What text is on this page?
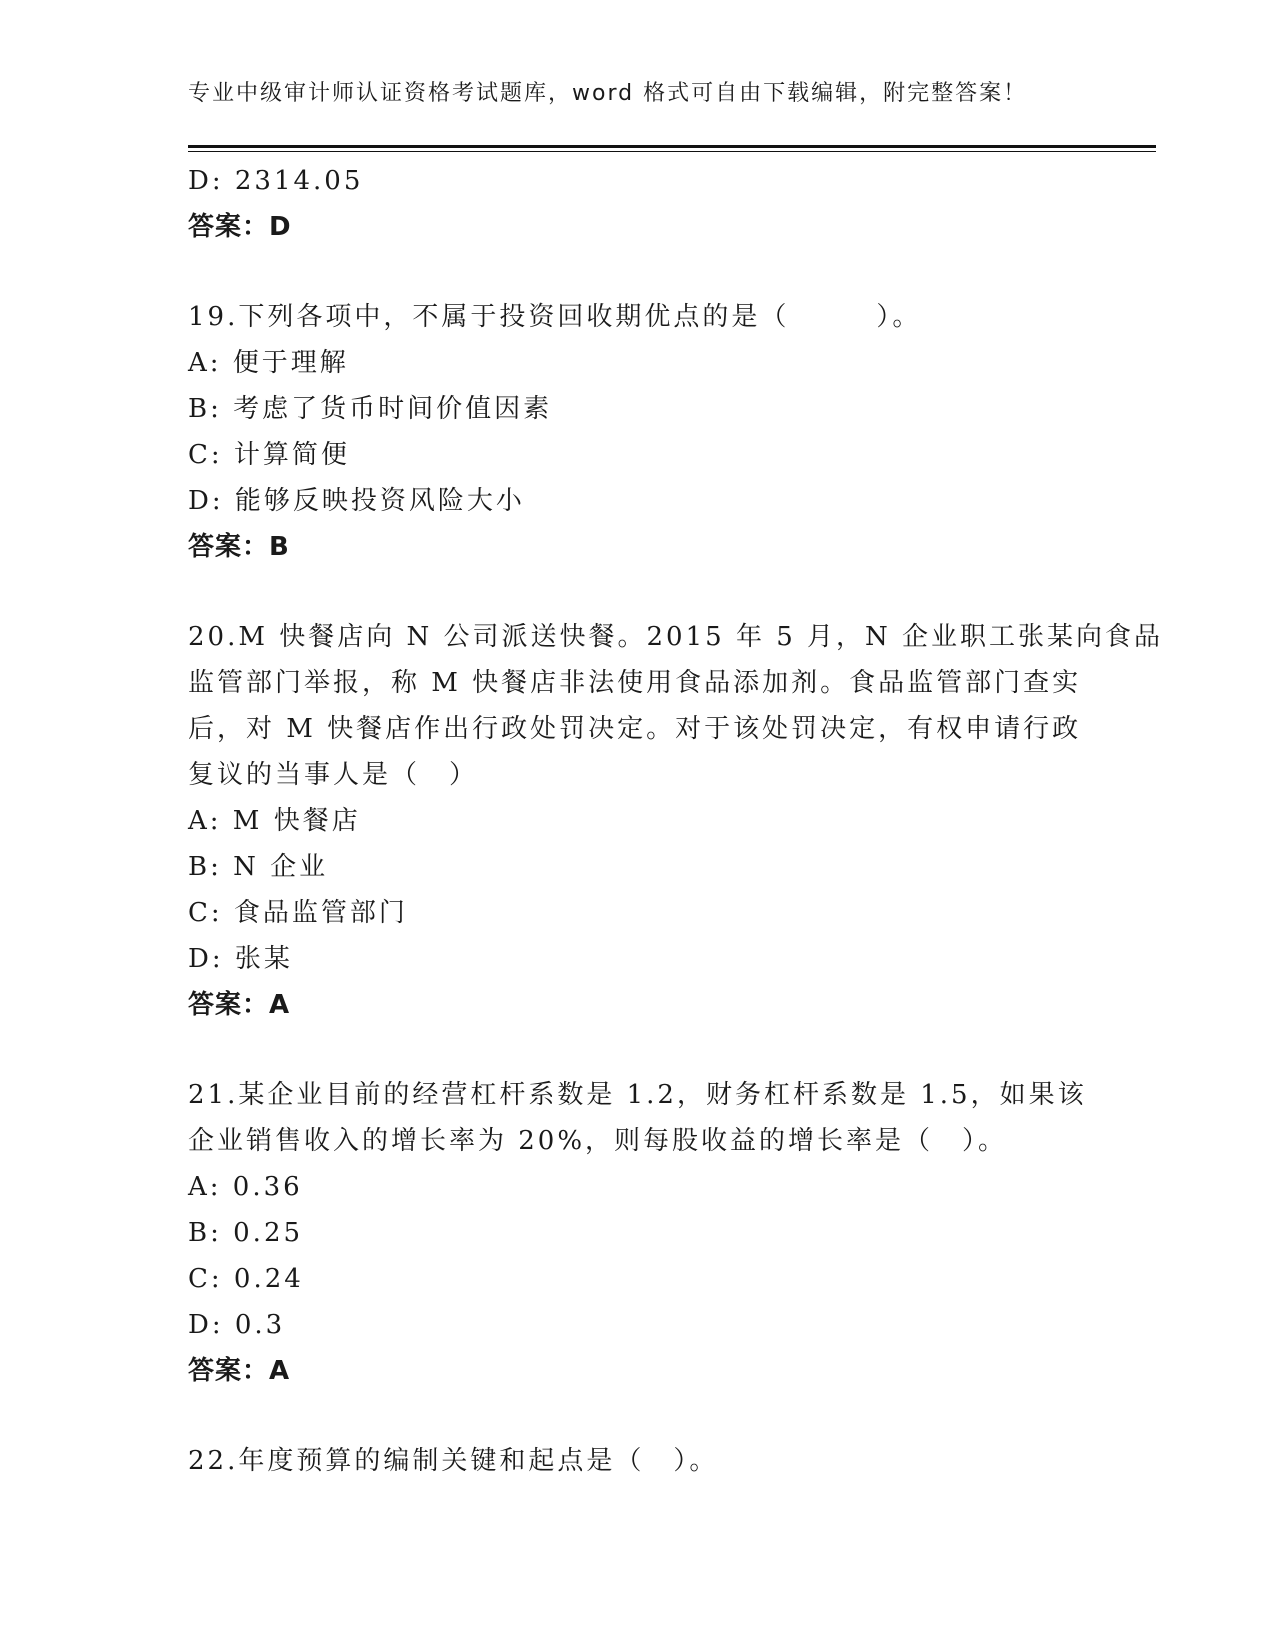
专业中级审计师认证资格考试题库，word 格式可自由下载编辑，附完整答案！
D: 2314.05
答案：D
19.下列各项中，不属于投资回收期优点的是（　　　）。
A: 便于理解
B: 考虑了货币时间价值因素
C: 计算简便
D: 能够反映投资风险大小
答案：B
20.M 快餐店向 N 公司派送快餐。2015 年 5 月，N 企业职工张某向食品
监管部门举报，称 M 快餐店非法使用食品添加剂。食品监管部门查实
后，对 M 快餐店作出行政处罚决定。对于该处罚决定，有权申请行政
复议的当事人是（　）
A: M 快餐店
B: N 企业
C: 食品监管部门
D: 张某
答案：A
21.某企业目前的经营杠杆系数是 1.2，财务杠杆系数是 1.5，如果该
企业销售收入的增长率为 20%，则每股收益的增长率是（　）。
A: 0.36
B: 0.25
C: 0.24
D: 0.3
答案：A
22.年度预算的编制关键和起点是（　）。
